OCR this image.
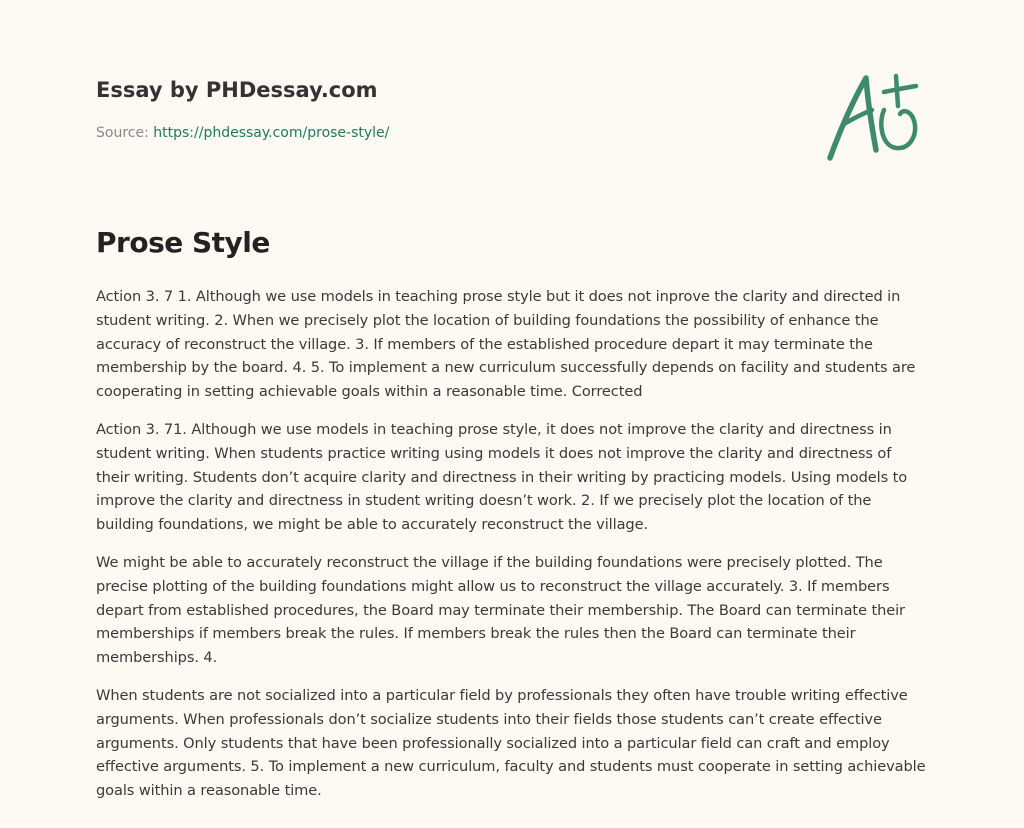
Essay by PHDessay.com
Source: https://phdessay.com/prose-style/
Prose Style

Action 3. 7 1. Although we use models in teaching prose style but it does not inprove the clarity and directed in student writing. 2. When we precisely plot the location of building foundations the possibility of enhance the accuracy of reconstruct the village. 3. If members of the established procedure depart it may terminate the membership by the board. 4. 5. To implement a new curriculum successfully depends on facility and students are cooperating in setting achievable goals within a reasonable time. Corrected

Action 3. 71. Although we use models in teaching prose style, it does not improve the clarity and directness in student writing. When students practice writing using models it does not improve the clarity and directness of their writing. Students don’t acquire clarity and directness in their writing by practicing models. Using models to improve the clarity and directness in student writing doesn’t work. 2. If we precisely plot the location of the building foundations, we might be able to accurately reconstruct the village.

We might be able to accurately reconstruct the village if the building foundations were precisely plotted. The precise plotting of the building foundations might allow us to reconstruct the village accurately. 3. If members depart from established procedures, the Board may terminate their membership. The Board can terminate their memberships if members break the rules. If members break the rules then the Board can terminate their memberships. 4.

When students are not socialized into a particular field by professionals they often have trouble writing effective arguments. When professionals don’t socialize students into their fields those students can’t create effective arguments. Only students that have been professionally socialized into a particular field can craft and employ effective arguments. 5. To implement a new curriculum, faculty and students must cooperate in setting achievable goals within a reasonable time.
